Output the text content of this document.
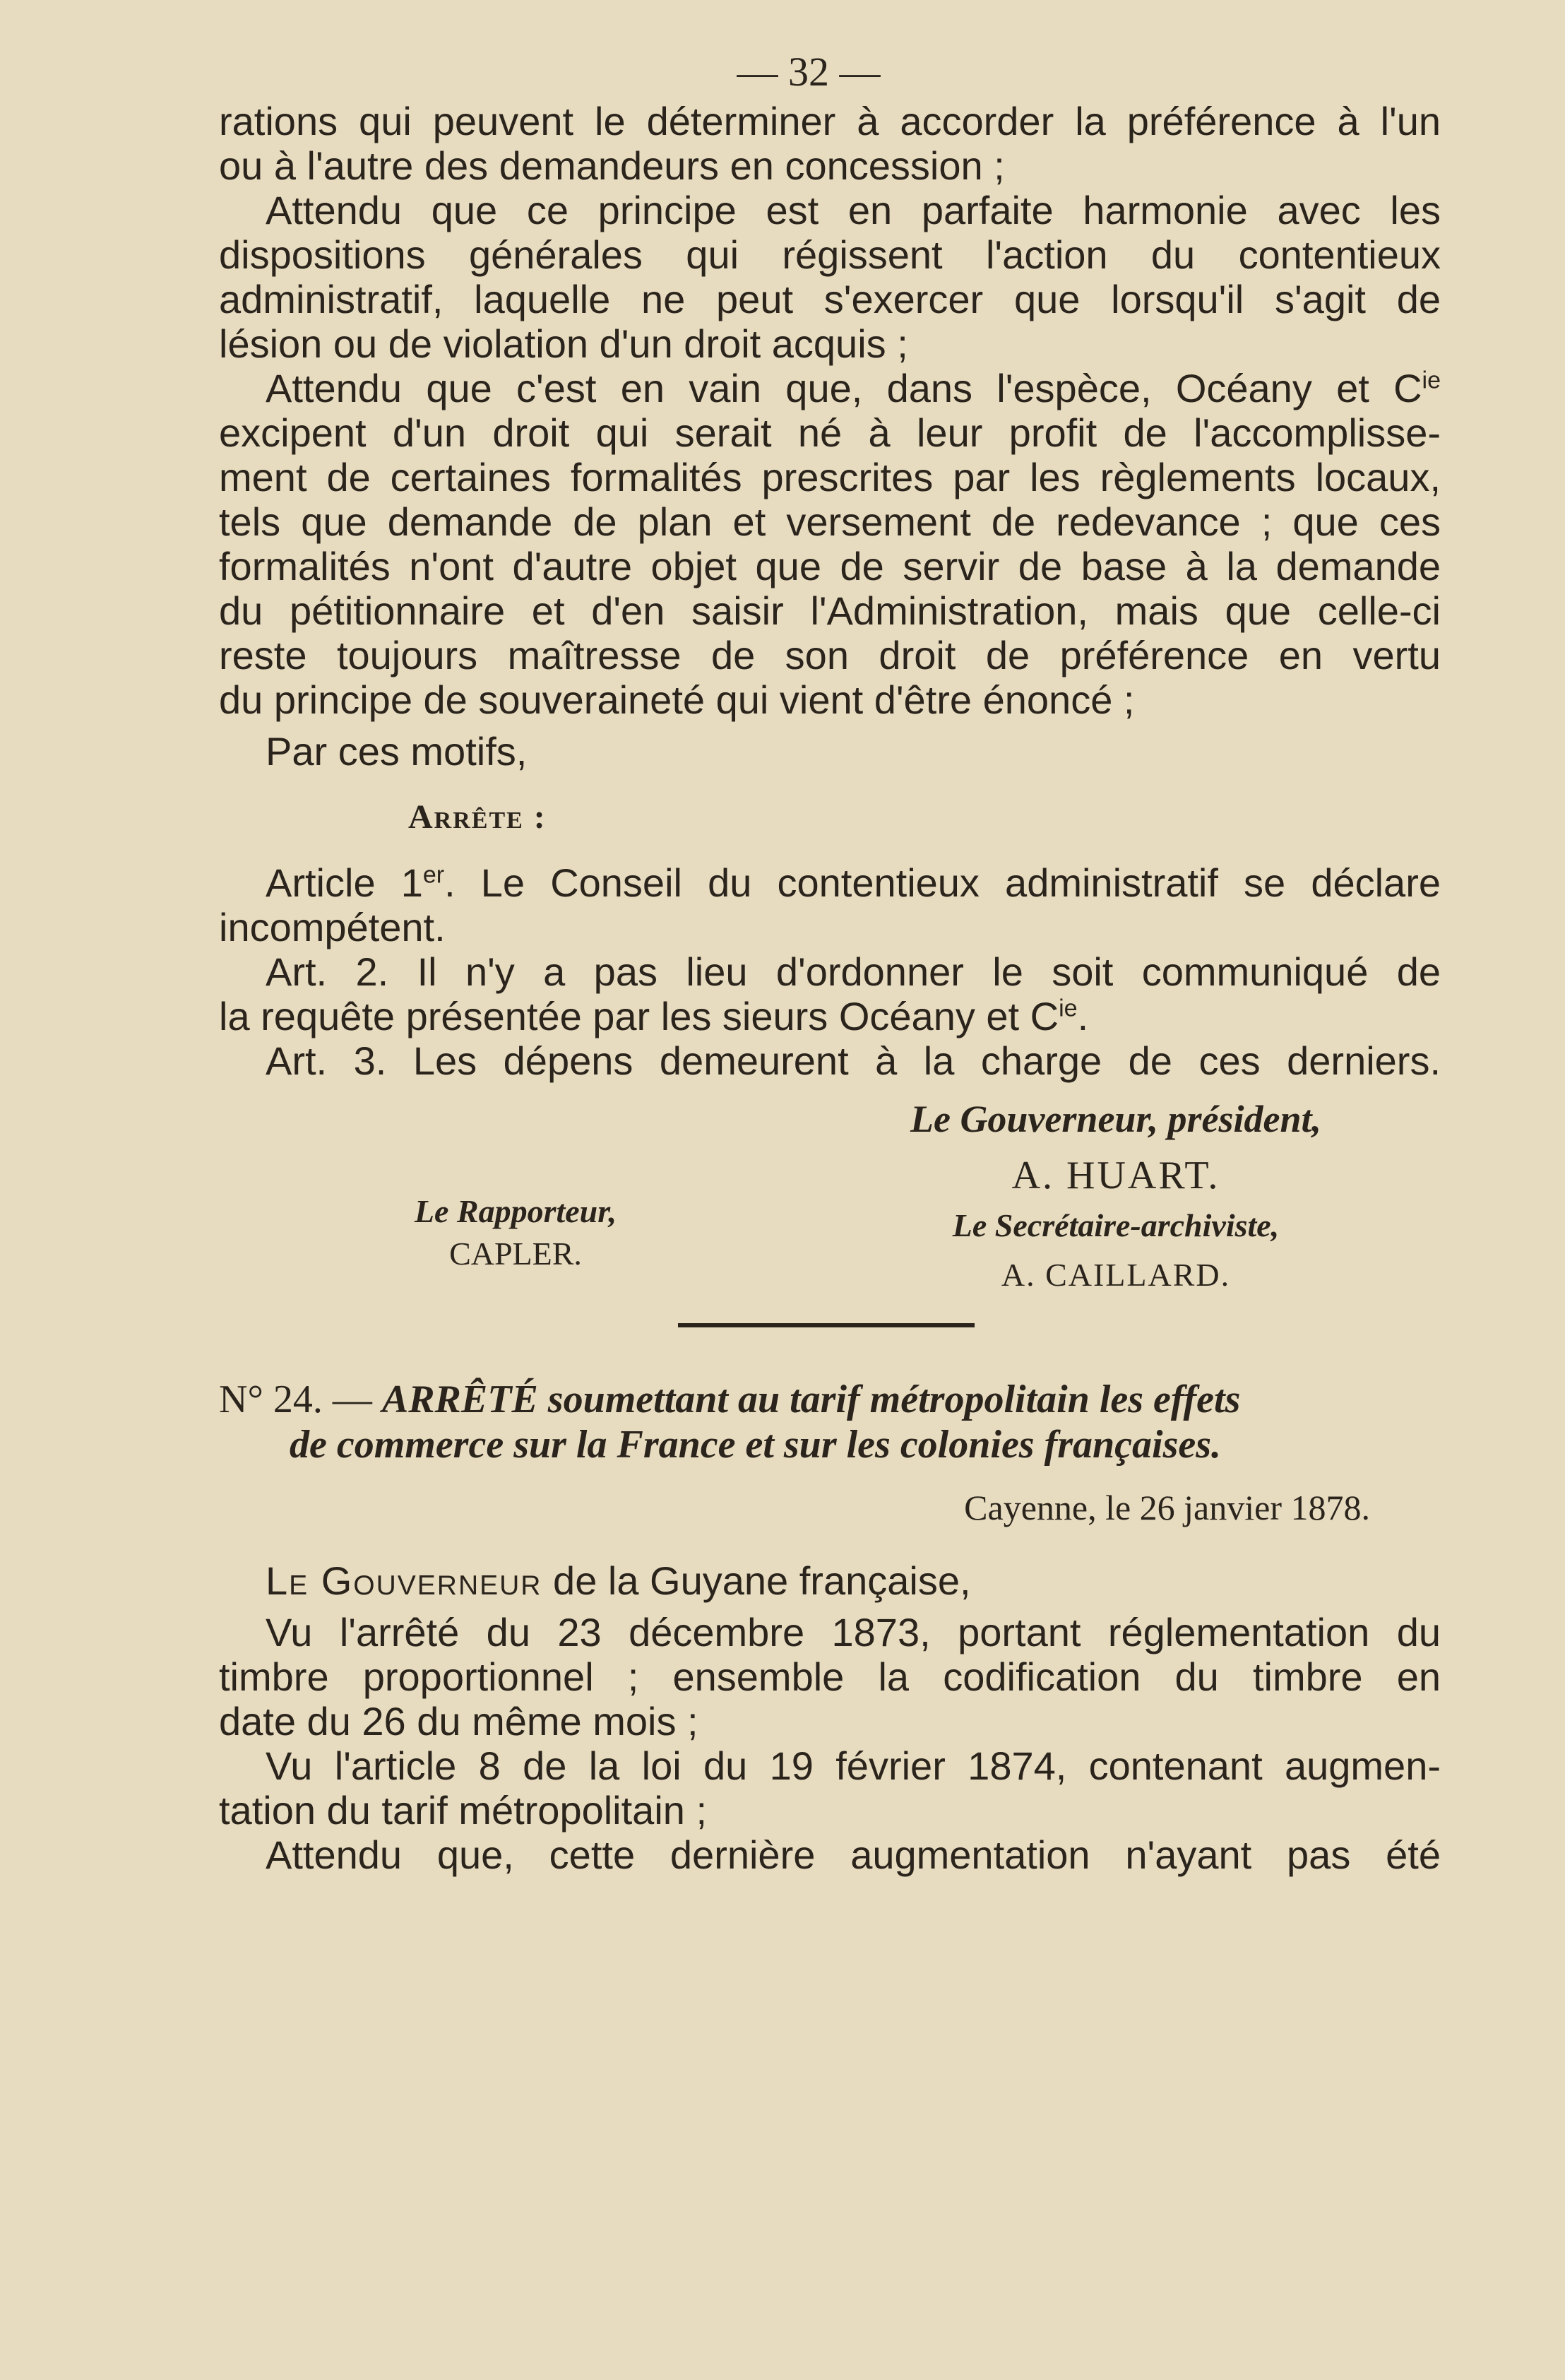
— 32 —

rations qui peuvent le déterminer à accorder la préférence à l'un
ou à l'autre des demandeurs en concession ;

Attendu que ce principe est en parfaite harmonie avec les
dispositions générales qui régissent l'action du contentieux
administratif, laquelle ne peut s'exercer que lorsqu'il s'agit de
lésion ou de violation d'un droit acquis ;

Attendu que c'est en vain que, dans l'espèce, Océany et $C^{ie}$
excipent d'un droit qui serait né à leur profit de l'accomplisse-
ment de certaines formalités prescrites par les règlements locaux,
tels que demande de plan et versement de redevance ; que ces
formalités n'ont d'autre objet que de servir de base à la demande
du pétitionnaire et d'en saisir l'Administration, mais que celle-ci
reste toujours maîtresse de son droit de préférence en vertu
du principe de souveraineté qui vient d'être énoncé ;

Par ces motifs,

Arrête :

Article 1er. Le Conseil du contentieux administratif se déclare
incompétent.

Art. 2. Il n'y a pas lieu d'ordonner le soit communiqué de
la requête présentée par les sieurs Océany et $C^{ie}$.

Art. 3. Les dépens demeurent à la charge de ces derniers.

Le Gouverneur, président,
A. HUART.
Le Rapporteur,
CAPLER.
Le Secrétaire-archiviste,
A. CAILLARD.
N° 24. — ARRÊTÉ soumettant au tarif métropolitain les effets
de commerce sur la France et sur les colonies françaises.
Cayenne, le 26 janvier 1878.

Le Gouverneur de la Guyane française,

Vu l'arrêté du 23 décembre 1873, portant réglementation du
timbre proportionnel ; ensemble la codification du timbre en
date du 26 du même mois ;

Vu l'article 8 de la loi du 19 février 1874, contenant augmen-
tation du tarif métropolitain ;

Attendu que, cette dernière augmentation n'ayant pas été
